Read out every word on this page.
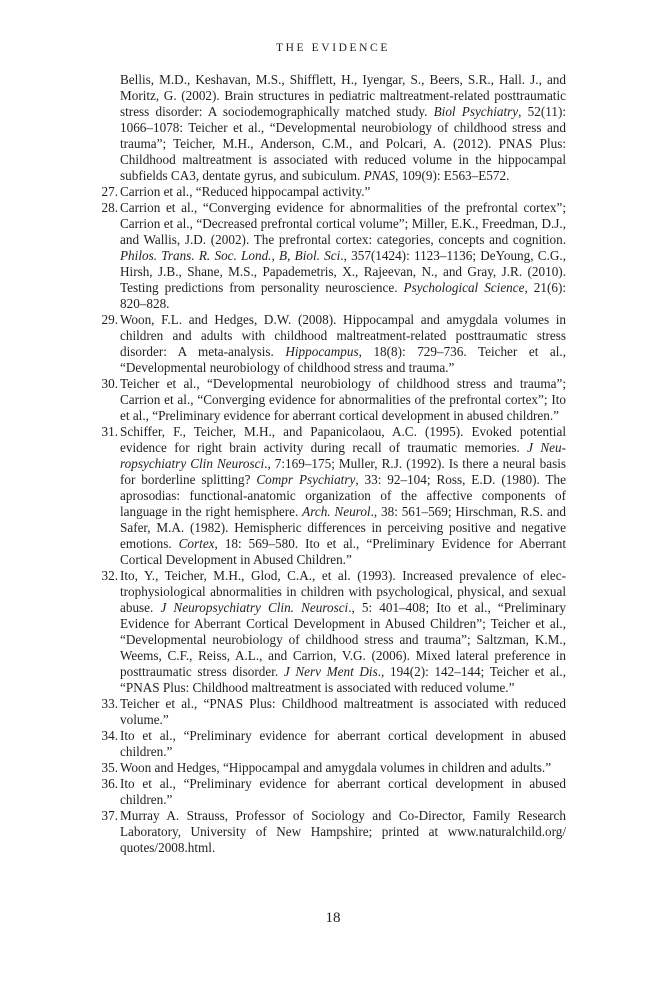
THE EVIDENCE
Bellis, M.D., Keshavan, M.S., Shifflett, H., Iyengar, S., Beers, S.R., Hall. J., and Moritz, G. (2002). Brain structures in pediatric maltreatment-related posttraumatic stress disorder: A sociodemographically matched study. Biol Psychiatry, 52(11): 1066–1078: Teicher et al., “Developmental neurobiology of childhood stress and trauma”; Teicher, M.H., Anderson, C.M., and Polcari, A. (2012). PNAS Plus: Childhood maltreatment is associated with reduced volume in the hippocampal subfields CA3, dentate gyrus, and subiculum. PNAS, 109(9): E563–E572.
27 . Carrion et al., “Reduced hippocampal activity.”
28 . Carrion et al., “Converging evidence for abnormalities of the prefrontal cortex”; Carrion et al., “Decreased prefrontal cortical volume”; Miller, E.K., Freedman, D.J., and Wallis, J.D. (2002). The prefrontal cortex: categories, concepts and cognition. Philos. Trans. R. Soc. Lond., B, Biol. Sci., 357(1424): 1123–1136; DeYoung, C.G., Hirsh, J.B., Shane, M.S., Papademetris, X., Rajeevan, N., and Gray, J.R. (2010). Testing predictions from personality neuroscience. Psychological Science, 21(6): 820–828.
29 . Woon, F.L. and Hedges, D.W. (2008). Hippocampal and amygdala volumes in children and adults with childhood maltreatment-related posttraumatic stress disorder: A meta-analysis. Hippocampus, 18(8): 729–736. Teicher et al., “Developmental neurobiology of childhood stress and trauma.”
30 . Teicher et al., “Developmental neurobiology of childhood stress and trauma”; Carrion et al., “Converging evidence for abnormalities of the prefrontal cortex”; Ito et al., “Preliminary evidence for aberrant cortical development in abused children.”
31 . Schiffer, F., Teicher, M.H., and Papanicolaou, A.C. (1995). Evoked potential evidence for right brain activity during recall of traumatic memories. J Neuropsychiatry Clin Neurosci., 7:169–175; Muller, R.J. (1992). Is there a neural basis for borderline splitting? Compr Psychiatry, 33: 92–104; Ross, E.D. (1980). The aprosodias: functional-anatomic organization of the affective components of language in the right hemisphere. Arch. Neurol., 38: 561–569; Hirschman, R.S. and Safer, M.A. (1982). Hemispheric differences in perceiving positive and negative emotions. Cortex, 18: 569–580. Ito et al., “Preliminary Evidence for Aberrant Cortical Development in Abused Children.”
32 . Ito, Y., Teicher, M.H., Glod, C.A., et al. (1993). Increased prevalence of electrophysiological abnormalities in children with psychological, physical, and sexual abuse. J Neuropsychiatry Clin. Neurosci., 5: 401–408; Ito et al., “Preliminary Evidence for Aberrant Cortical Development in Abused Children”; Teicher et al., “Developmental neurobiology of childhood stress and trauma”; Saltzman, K.M., Weems, C.F., Reiss, A.L., and Carrion, V.G. (2006). Mixed lateral preference in posttraumatic stress disorder. J Nerv Ment Dis., 194(2): 142–144; Teicher et al., “PNAS Plus: Childhood maltreatment is associated with reduced volume.”
33 . Teicher et al., “PNAS Plus: Childhood maltreatment is associated with reduced volume.”
34 . Ito et al., “Preliminary evidence for aberrant cortical development in abused children.”
35 . Woon and Hedges, “Hippocampal and amygdala volumes in children and adults.”
36 . Ito et al., “Preliminary evidence for aberrant cortical development in abused children.”
37 . Murray A. Strauss, Professor of Sociology and Co-Director, Family Research Laboratory, University of New Hampshire; printed at www.naturalchild.org/​quotes/2008.html.
18
